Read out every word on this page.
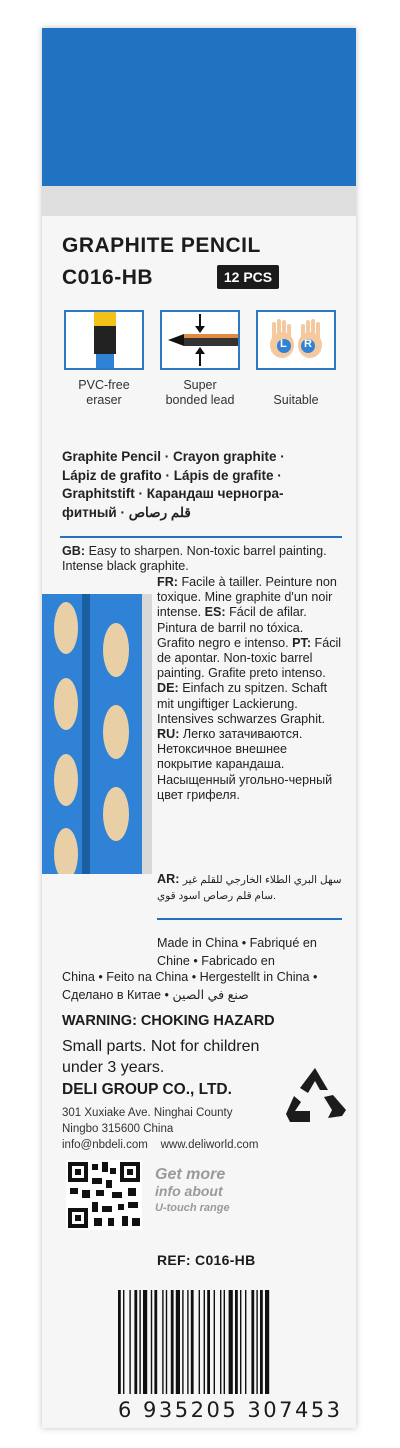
GRAPHITE PENCIL
C016-HB	12 PCS
L R
PVC-free
eraser
Super
bonded lead	Suitable
Graphite Pencil · Crayon graphite ·
Lápiz de grafito · Lápis de grafite ·
Graphitstift · Карандаш черногра-
фитный · قلم رصاص
GB: Easy to sharpen. Non-toxic barrel painting. Intense black graphite.
FR: Facile à tailler. Peinture non toxique. Mine graphite d'un noir intense. ES: Fácil de afilar. Pintura de barril no tóxica. Grafito negro e intenso. PT: Fácil de apontar. Non-toxic barrel painting. Grafite preto intenso. DE: Einfach zu spitzen. Schaft mit ungiftiger Lackierung. Intensives schwarzes Graphit. RU: Легко затачиваются. Нетоксичное внешнее покрытие карандаша. Насыщенный угольно-черный цвет грифеля.
AR: سهل البري الطلاء الخارجي للقلم غير سام قلم رصاص اسود قوي.
Made in China • Fabriqué en Chine • Fabricado en
China • Feito na China • Hergestellt in China • Сделано в Китае • صنع في الصين
WARNING: CHOKING HAZARD
Small parts. Not for children under 3 years.
DELI GROUP CO., LTD.
301 Xuxiake Ave. Ninghai County
Ningbo 315600 China
info@nbdeli.com www.deliworld.com
Get more
info about
U-touch range
REF: C016-HB
6 935205 307453
